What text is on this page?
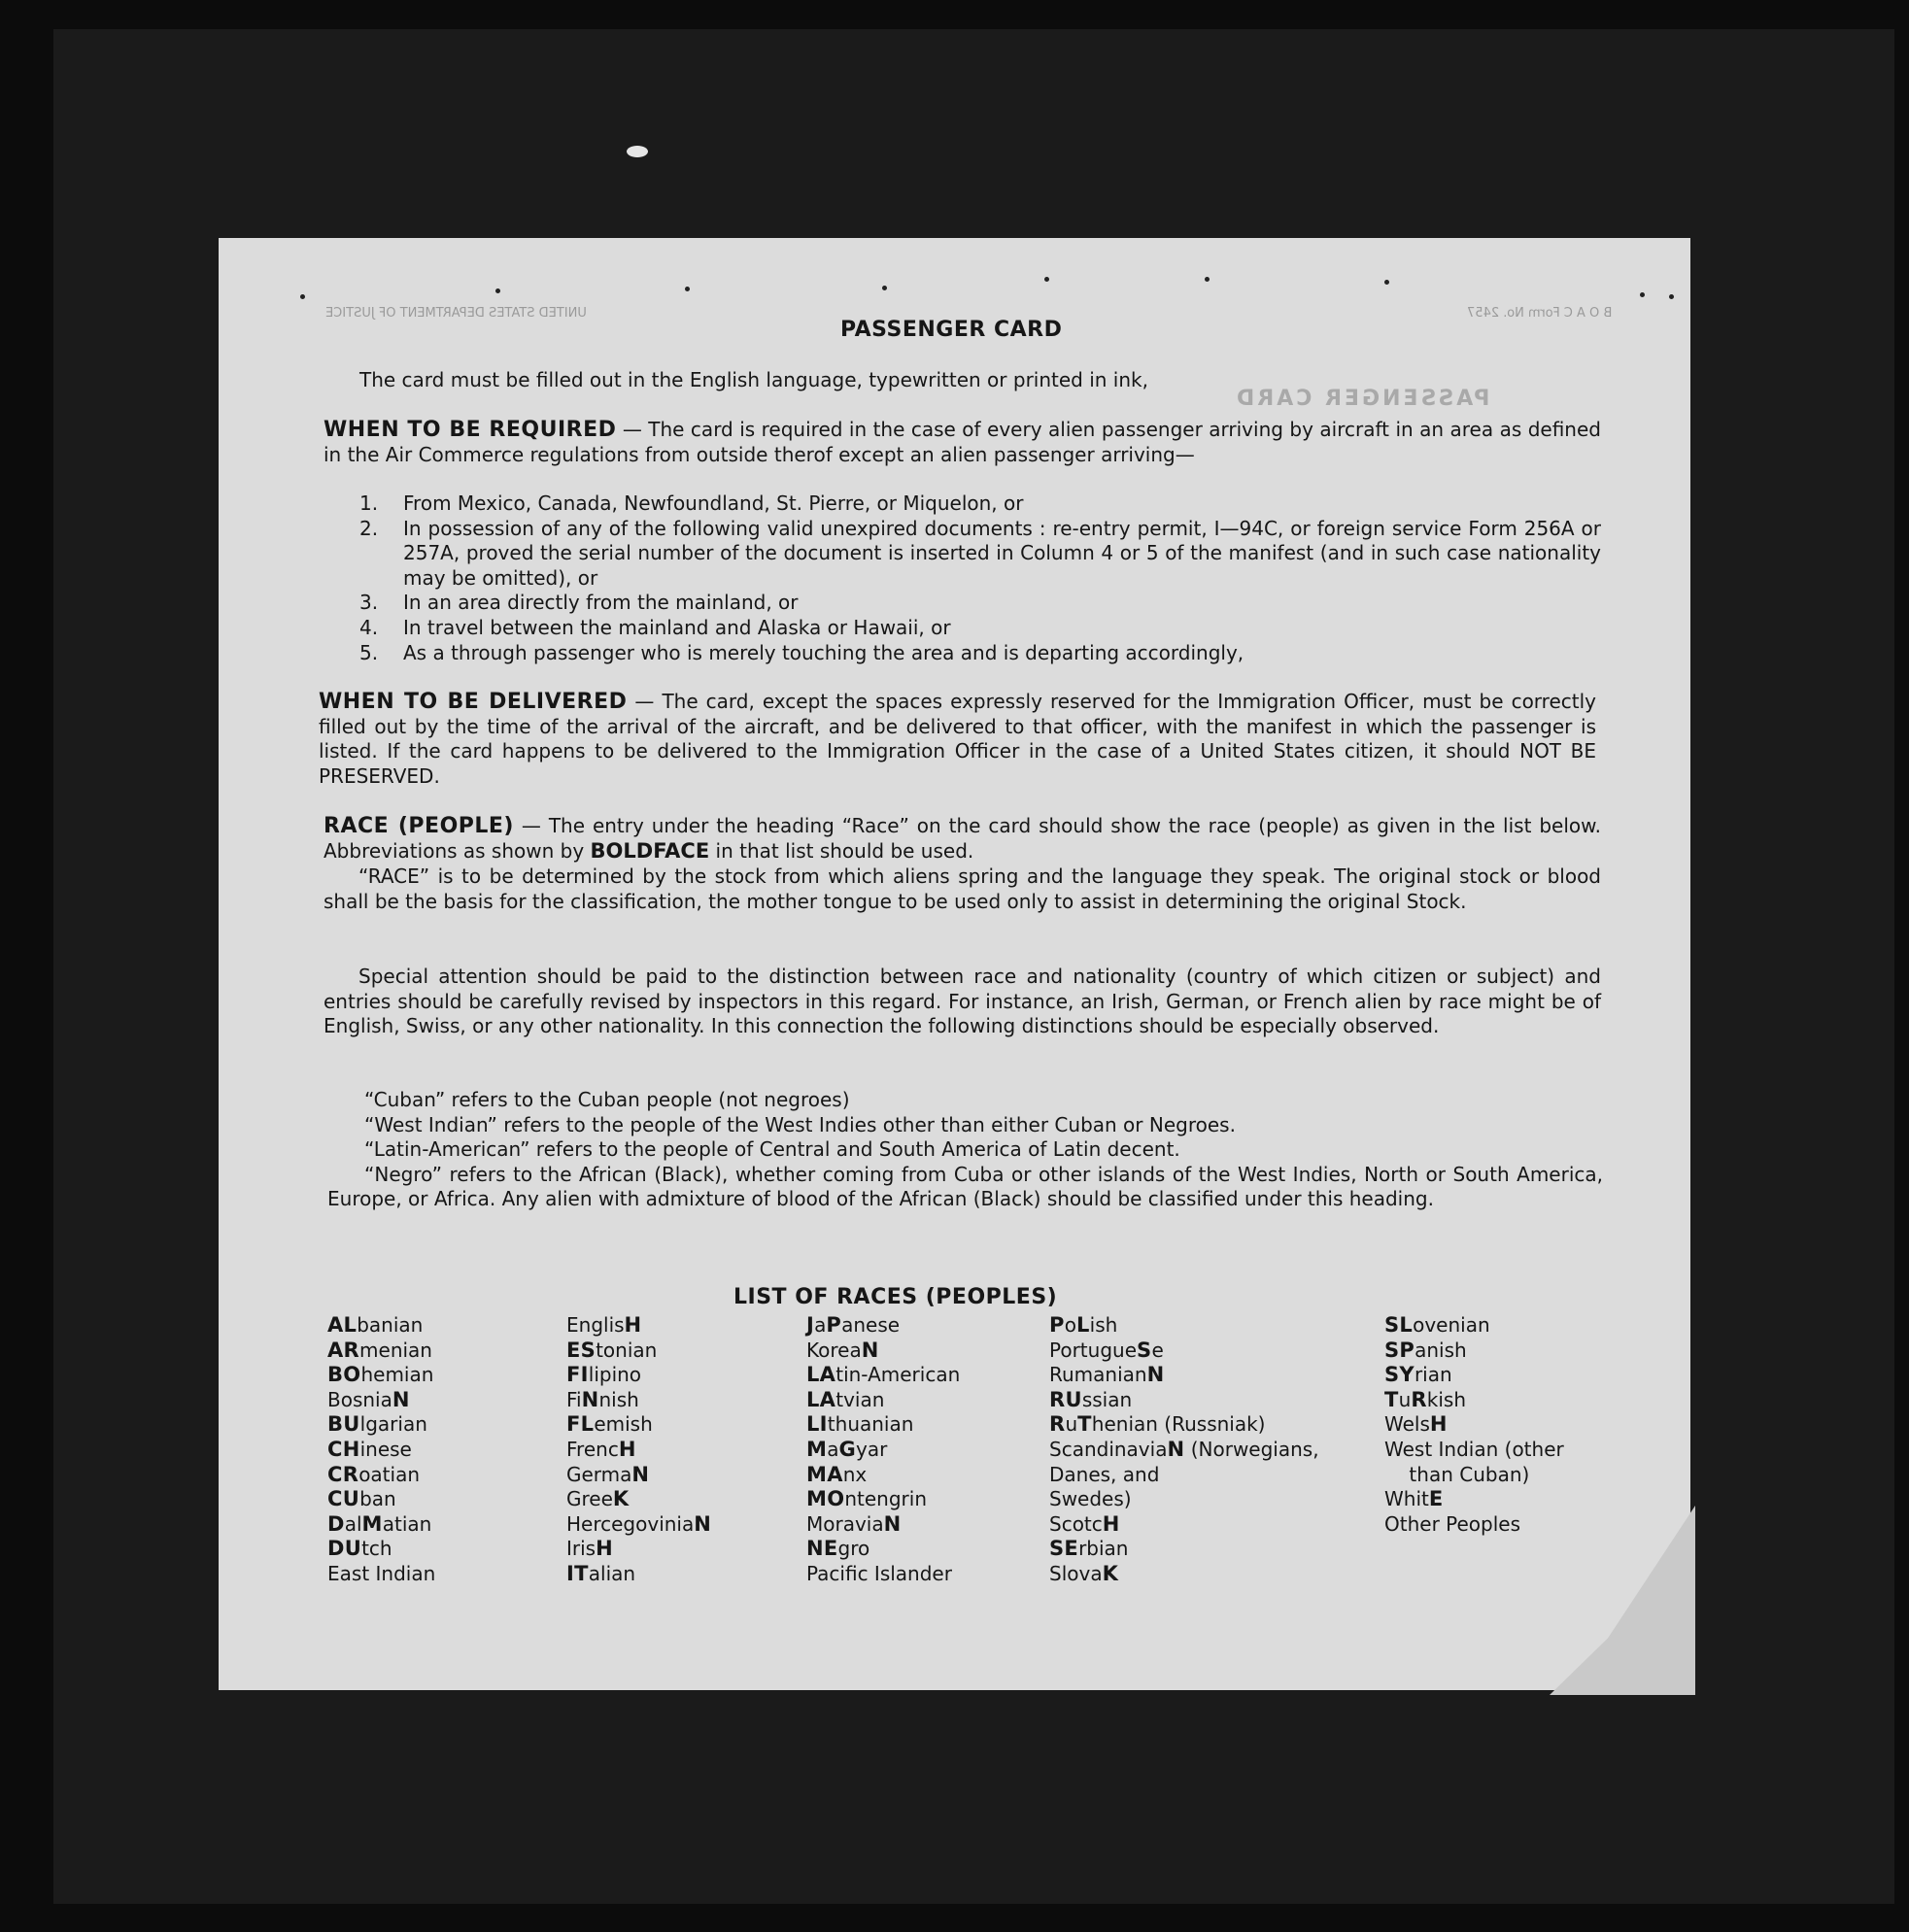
UNITED STATES DEPARTMENT OF JUSTICE	B O A C Form No. 2457
PASSENGER CARD
PASSENGER CARD
The card must be filled out in the English language, typewritten or printed in ink,

WHEN TO BE REQUIRED — The card is required in the case of every alien passenger arriving by aircraft in an area as defined in the Air Commerce regulations from outside therof except an alien passenger arriving—

1.	From Mexico, Canada, Newfoundland, St. Pierre, or Miquelon, or
2.	In possession of any of the following valid unexpired documents : re-entry permit, I—94C, or foreign service Form 256A or 257A, proved the serial number of the document is inserted in Column 4 or 5 of the manifest (and in such case nationality may be omitted), or
3.	In an area directly from the mainland, or
4.	In travel between the mainland and Alaska or Hawaii, or
5.	As a through passenger who is merely touching the area and is departing accordingly,

WHEN TO BE DELIVERED — The card, except the spaces expressly reserved for the Immigration Officer, must be correctly filled out by the time of the arrival of the aircraft, and be delivered to that officer, with the manifest in which the passenger is listed. If the card happens to be delivered to the Immigration Officer in the case of a United States citizen, it should NOT BE PRESERVED.

RACE (PEOPLE) — The entry under the heading “Race” on the card should show the race (people) as given in the list below. Abbreviations as shown by BOLDFACE in that list should be used.

“RACE” is to be determined by the stock from which aliens spring and the language they speak. The original stock or blood shall be the basis for the classification, the mother tongue to be used only to assist in determining the original Stock.

Special attention should be paid to the distinction between race and nationality (country of which citizen or subject) and entries should be carefully revised by inspectors in this regard. For instance, an Irish, German, or French alien by race might be of English, Swiss, or any other nationality. In this connection the following distinctions should be especially observed.

“Cuban” refers to the Cuban people (not negroes)
“West Indian” refers to the people of the West Indies other than either Cuban or Negroes.
“Latin-American” refers to the people of Central and South America of Latin decent.
“Negro” refers to the African (Black), whether coming from Cuba or other islands of the West Indies, North or South America, Europe, or Africa. Any alien with admixture of blood of the African (Black) should be classified under this heading.
LIST OF RACES (PEOPLES)
ALbanian
ARmenian
BOhemian
BosniaN
BUlgarian
CHinese
CRoatian
CUban
DalMatian
DUtch
East Indian
EnglisH
EStonian
FIlipino
FiNnish
FLemish
FrencH
GermaN
GreeK
HercegoviniaN
IrisH
ITalian
JaPanese
KoreaN
LAtin-American
LAtvian
LIthuanian
MaGyar
MAnx
MOntengrin
MoraviaN
NEgro
Pacific Islander
PoLish
PortugueSe
RumanianN
RUssian
RuThenian (Russniak)
ScandinaviaN (Norwegians,
Danes, and
Swedes)
ScotcH
SErbian
SlovaK
SLovenian
SPanish
SYrian
TuRkish
WelsH
West Indian (other
than Cuban)
WhitE
Other Peoples
